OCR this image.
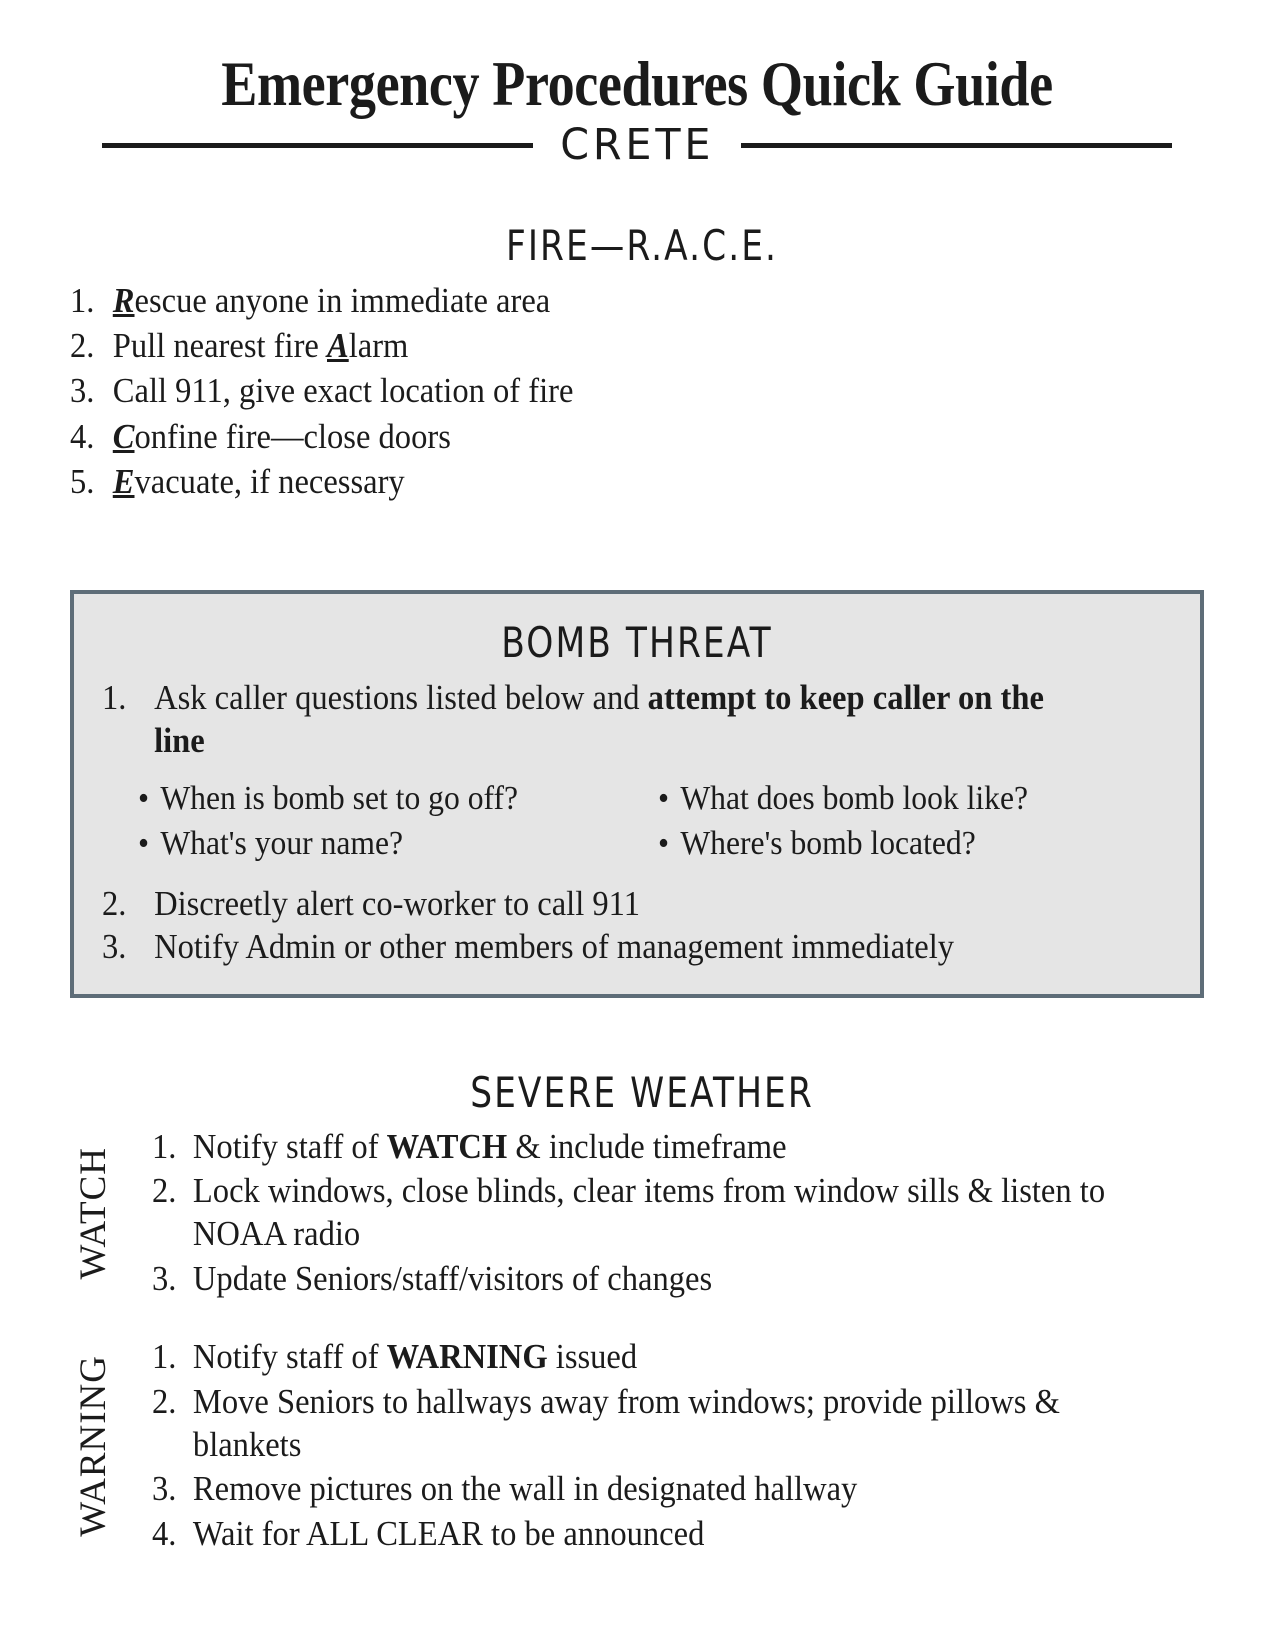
Emergency Procedures Quick Guide
CRETE
FIRE—R.A.C.E.
1. Rescue anyone in immediate area
2. Pull nearest fire Alarm
3. Call 911, give exact location of fire
4. Confine fire—close doors
5. Evacuate, if necessary
BOMB THREAT
1. Ask caller questions listed below and attempt to keep caller on the line
• When is bomb set to go off?	• What does bomb look like?
• What's your name?	• Where's bomb located?
2. Discreetly alert co-worker to call 911
3. Notify Admin or other members of management immediately
SEVERE WEATHER
WATCH
1. Notify staff of WATCH & include timeframe
2. Lock windows, close blinds, clear items from window sills & listen to NOAA radio
3. Update Seniors/staff/visitors of changes
WARNING 1. Notify staff of WARNING issued
2. Move Seniors to hallways away from windows; provide pillows & blankets
3. Remove pictures on the wall in designated hallway
4. Wait for ALL CLEAR to be announced
